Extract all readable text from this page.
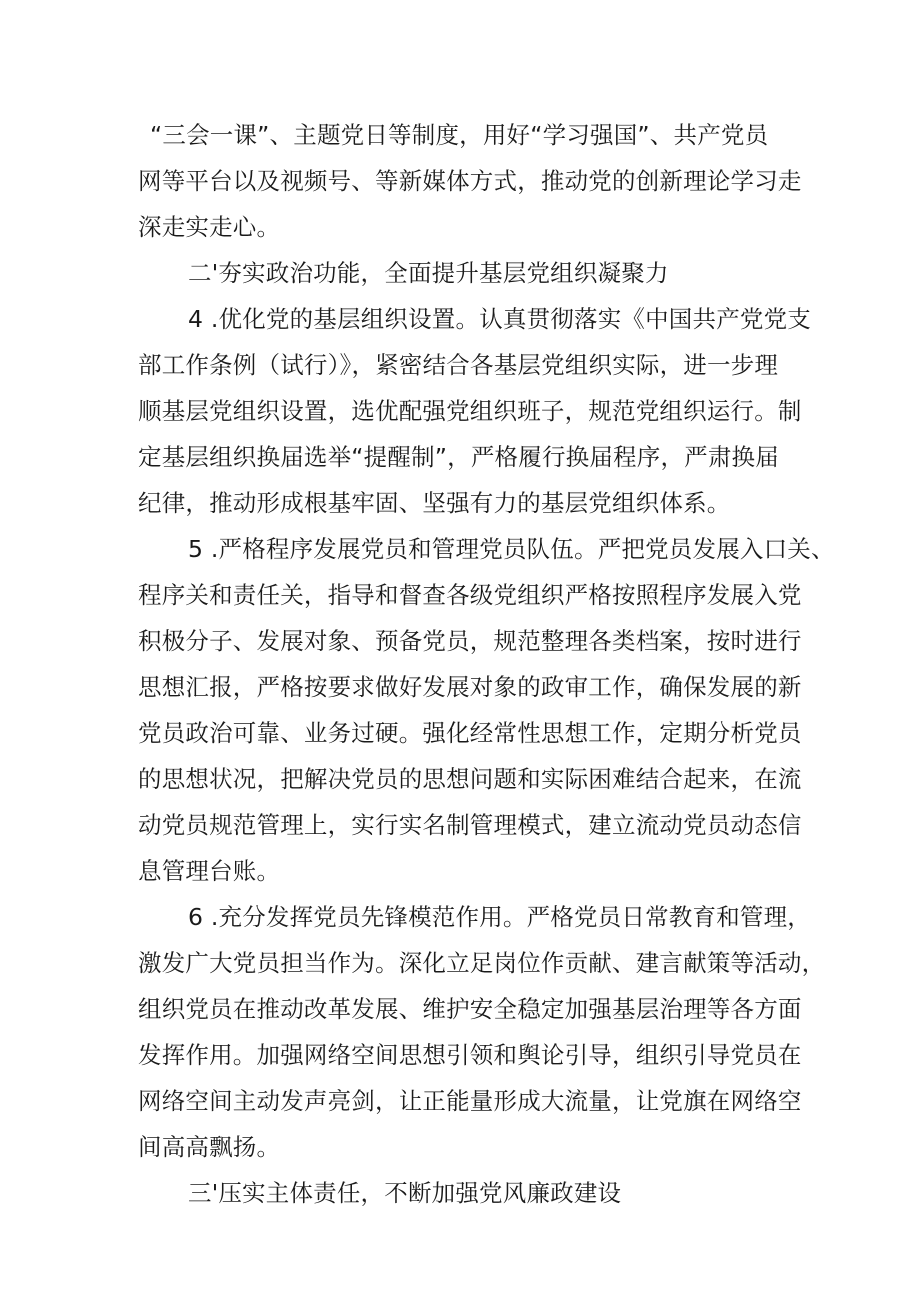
“三会一课”、主题党日等制度，用好“学习强国”、共产党员

网等平台以及视频号、等新媒体方式，推动党的创新理论学习走

深走实走心。

二'夯实政治功能，全面提升基层党组织凝聚力

4 .优化党的基层组织设置。认真贯彻落实《中国共产党党支

部工作条例（试行）》，紧密结合各基层党组织实际，进一步理

顺基层党组织设置，选优配强党组织班子，规范党组织运行。制

定基层组织换届选举“提醒制”，严格履行换届程序，严肃换届

纪律，推动形成根基牢固、坚强有力的基层党组织体系。

5 .严格程序发展党员和管理党员队伍。严把党员发展入口关、

程序关和责任关，指导和督查各级党组织严格按照程序发展入党

积极分子、发展对象、预备党员，规范整理各类档案，按时进行

思想汇报，严格按要求做好发展对象的政审工作，确保发展的新

党员政治可靠、业务过硬。强化经常性思想工作，定期分析党员

的思想状况，把解决党员的思想问题和实际困难结合起来，在流

动党员规范管理上，实行实名制管理模式，建立流动党员动态信

息管理台账。

6 .充分发挥党员先锋模范作用。严格党员日常教育和管理，

激发广大党员担当作为。深化立足岗位作贡献、建言献策等活动，

组织党员在推动改革发展、维护安全稳定加强基层治理等各方面

发挥作用。加强网络空间思想引领和舆论引导，组织引导党员在

网络空间主动发声亮剑，让正能量形成大流量，让党旗在网络空

间高高飘扬。

三'压实主体责任，不断加强党风廉政建设
